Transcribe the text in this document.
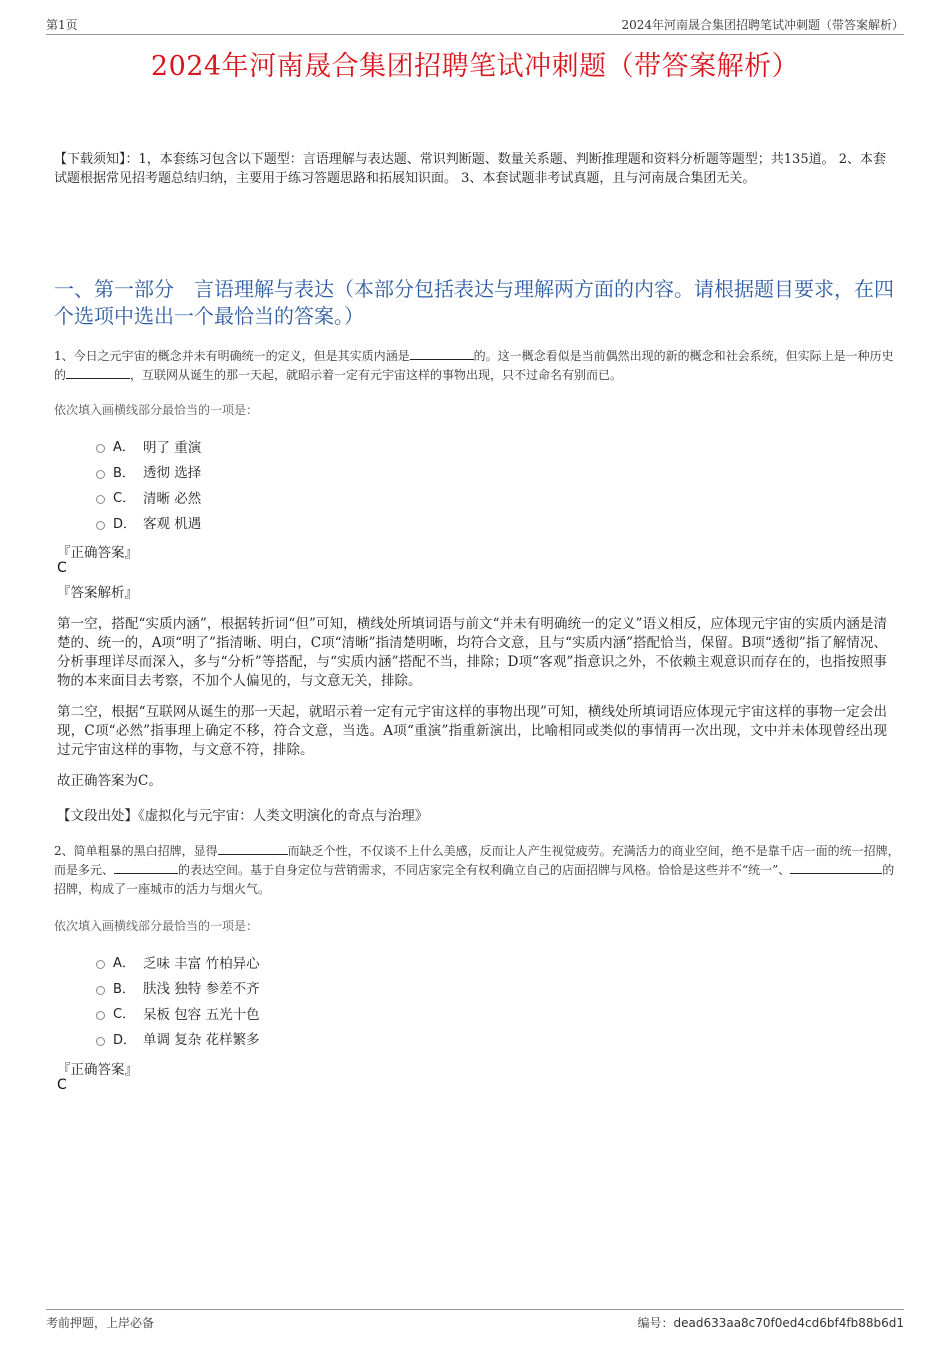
第1页	2024年河南晟合集团招聘笔试冲刺题（带答案解析）
2024年河南晟合集团招聘笔试冲刺题（带答案解析）
【下载须知】：1，本套练习包含以下题型：言语理解与表达题、常识判断题、数量关系题、判断推理题和资料分析题等题型；共135道。 2、本套试题根据常见招考题总结归纳，主要用于练习答题思路和拓展知识面。 3、本套试题非考试真题，且与河南晟合集团无关。
一、第一部分　言语理解与表达（本部分包括表达与理解两方面的内容。请根据题目要求，在四个选项中选出一个最恰当的答案。）
1、今日之元宇宙的概念并未有明确统一的定义，但是其实质内涵是	的。这一概念看似是当前偶然出现的新的概念和社会系统，但实际上是一种历史的	，互联网从诞生的那一天起，就昭示着一定有元宇宙这样的事物出现，只不过命名有别而已。
依次填入画横线部分最恰当的一项是：
A． 明了 重演
B． 透彻 选择
C． 清晰 必然
D． 客观 机遇
『正确答案』
C
『答案解析』
第一空，搭配“实质内涵”，根据转折词“但”可知，横线处所填词语与前文“并未有明确统一的定义”语义相反，应体现元宇宙的实质内涵是清楚的、统一的，A项“明了”指清晰、明白，C项“清晰”指清楚明晰，均符合文意，且与“实质内涵”搭配恰当，保留。B项“透彻”指了解情况、分析事理详尽而深入，多与“分析”等搭配，与“实质内涵”搭配不当，排除；D项“客观”指意识之外，不依赖主观意识而存在的，也指按照事物的本来面目去考察，不加个人偏见的，与文意无关，排除。
第二空，根据“互联网从诞生的那一天起，就昭示着一定有元宇宙这样的事物出现”可知，横线处所填词语应体现元宇宙这样的事物一定会出现，C项“必然”指事理上确定不移，符合文意，当选。A项“重演”指重新演出，比喻相同或类似的事情再一次出现，文中并未体现曾经出现过元宇宙这样的事物，与文意不符，排除。
故正确答案为C。
【文段出处】《虚拟化与元宇宙：人类文明演化的奇点与治理》
2、简单粗暴的黑白招牌，显得	而缺乏个性，不仅谈不上什么美感，反而让人产生视觉疲劳。充满活力的商业空间，绝不是靠千店一面的统一招牌，而是多元、	的表达空间。基于自身定位与营销需求，不同店家完全有权利确立自己的店面招牌与风格。恰恰是这些并不“统一”、	的招牌，构成了一座城市的活力与烟火气。
依次填入画横线部分最恰当的一项是：
A． 乏味 丰富 竹柏异心
B． 肤浅 独特 参差不齐
C． 呆板 包容 五光十色
D． 单调 复杂 花样繁多
『正确答案』
C
考前押题，上岸必备	编号：dead633aa8c70f0ed4cd6bf4fb88b6d1
